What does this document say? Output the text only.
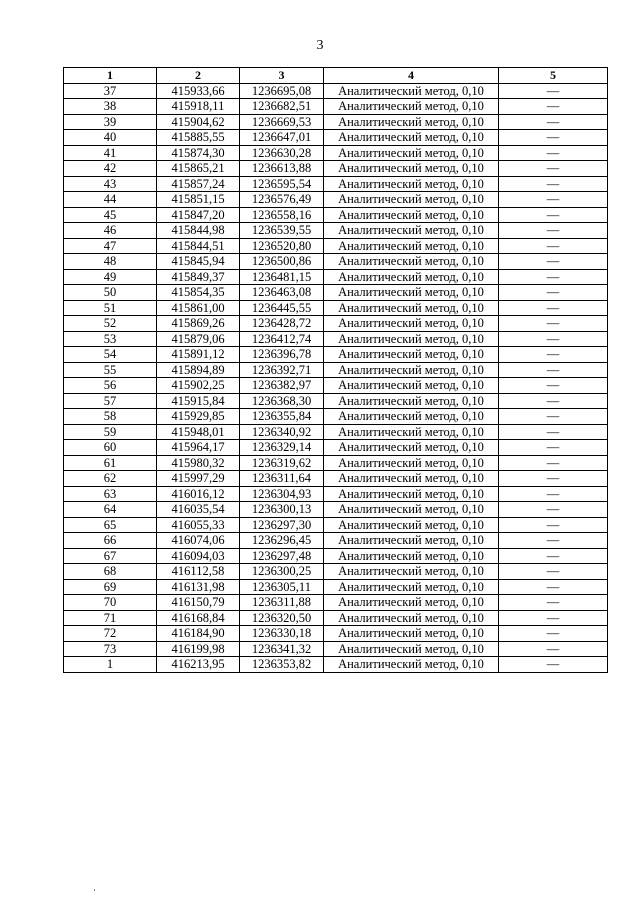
3
1	2	3	4	5
37	415933,66	1236695,08	Аналитический метод, 0,10	—
38	415918,11	1236682,51	Аналитический метод, 0,10	—
39	415904,62	1236669,53	Аналитический метод, 0,10	—
40	415885,55	1236647,01	Аналитический метод, 0,10	—
41	415874,30	1236630,28	Аналитический метод, 0,10	—
42	415865,21	1236613,88	Аналитический метод, 0,10	—
43	415857,24	1236595,54	Аналитический метод, 0,10	—
44	415851,15	1236576,49	Аналитический метод, 0,10	—
45	415847,20	1236558,16	Аналитический метод, 0,10	—
46	415844,98	1236539,55	Аналитический метод, 0,10	—
47	415844,51	1236520,80	Аналитический метод, 0,10	—
48	415845,94	1236500,86	Аналитический метод, 0,10	—
49	415849,37	1236481,15	Аналитический метод, 0,10	—
50	415854,35	1236463,08	Аналитический метод, 0,10	—
51	415861,00	1236445,55	Аналитический метод, 0,10	—
52	415869,26	1236428,72	Аналитический метод, 0,10	—
53	415879,06	1236412,74	Аналитический метод, 0,10	—
54	415891,12	1236396,78	Аналитический метод, 0,10	—
55	415894,89	1236392,71	Аналитический метод, 0,10	—
56	415902,25	1236382,97	Аналитический метод, 0,10	—
57	415915,84	1236368,30	Аналитический метод, 0,10	—
58	415929,85	1236355,84	Аналитический метод, 0,10	—
59	415948,01	1236340,92	Аналитический метод, 0,10	—
60	415964,17	1236329,14	Аналитический метод, 0,10	—
61	415980,32	1236319,62	Аналитический метод, 0,10	—
62	415997,29	1236311,64	Аналитический метод, 0,10	—
63	416016,12	1236304,93	Аналитический метод, 0,10	—
64	416035,54	1236300,13	Аналитический метод, 0,10	—
65	416055,33	1236297,30	Аналитический метод, 0,10	—
66	416074,06	1236296,45	Аналитический метод, 0,10	—
67	416094,03	1236297,48	Аналитический метод, 0,10	—
68	416112,58	1236300,25	Аналитический метод, 0,10	—
69	416131,98	1236305,11	Аналитический метод, 0,10	—
70	416150,79	1236311,88	Аналитический метод, 0,10	—
71	416168,84	1236320,50	Аналитический метод, 0,10	—
72	416184,90	1236330,18	Аналитический метод, 0,10	—
73	416199,98	1236341,32	Аналитический метод, 0,10	—
1	416213,95	1236353,82	Аналитический метод, 0,10	—
·
